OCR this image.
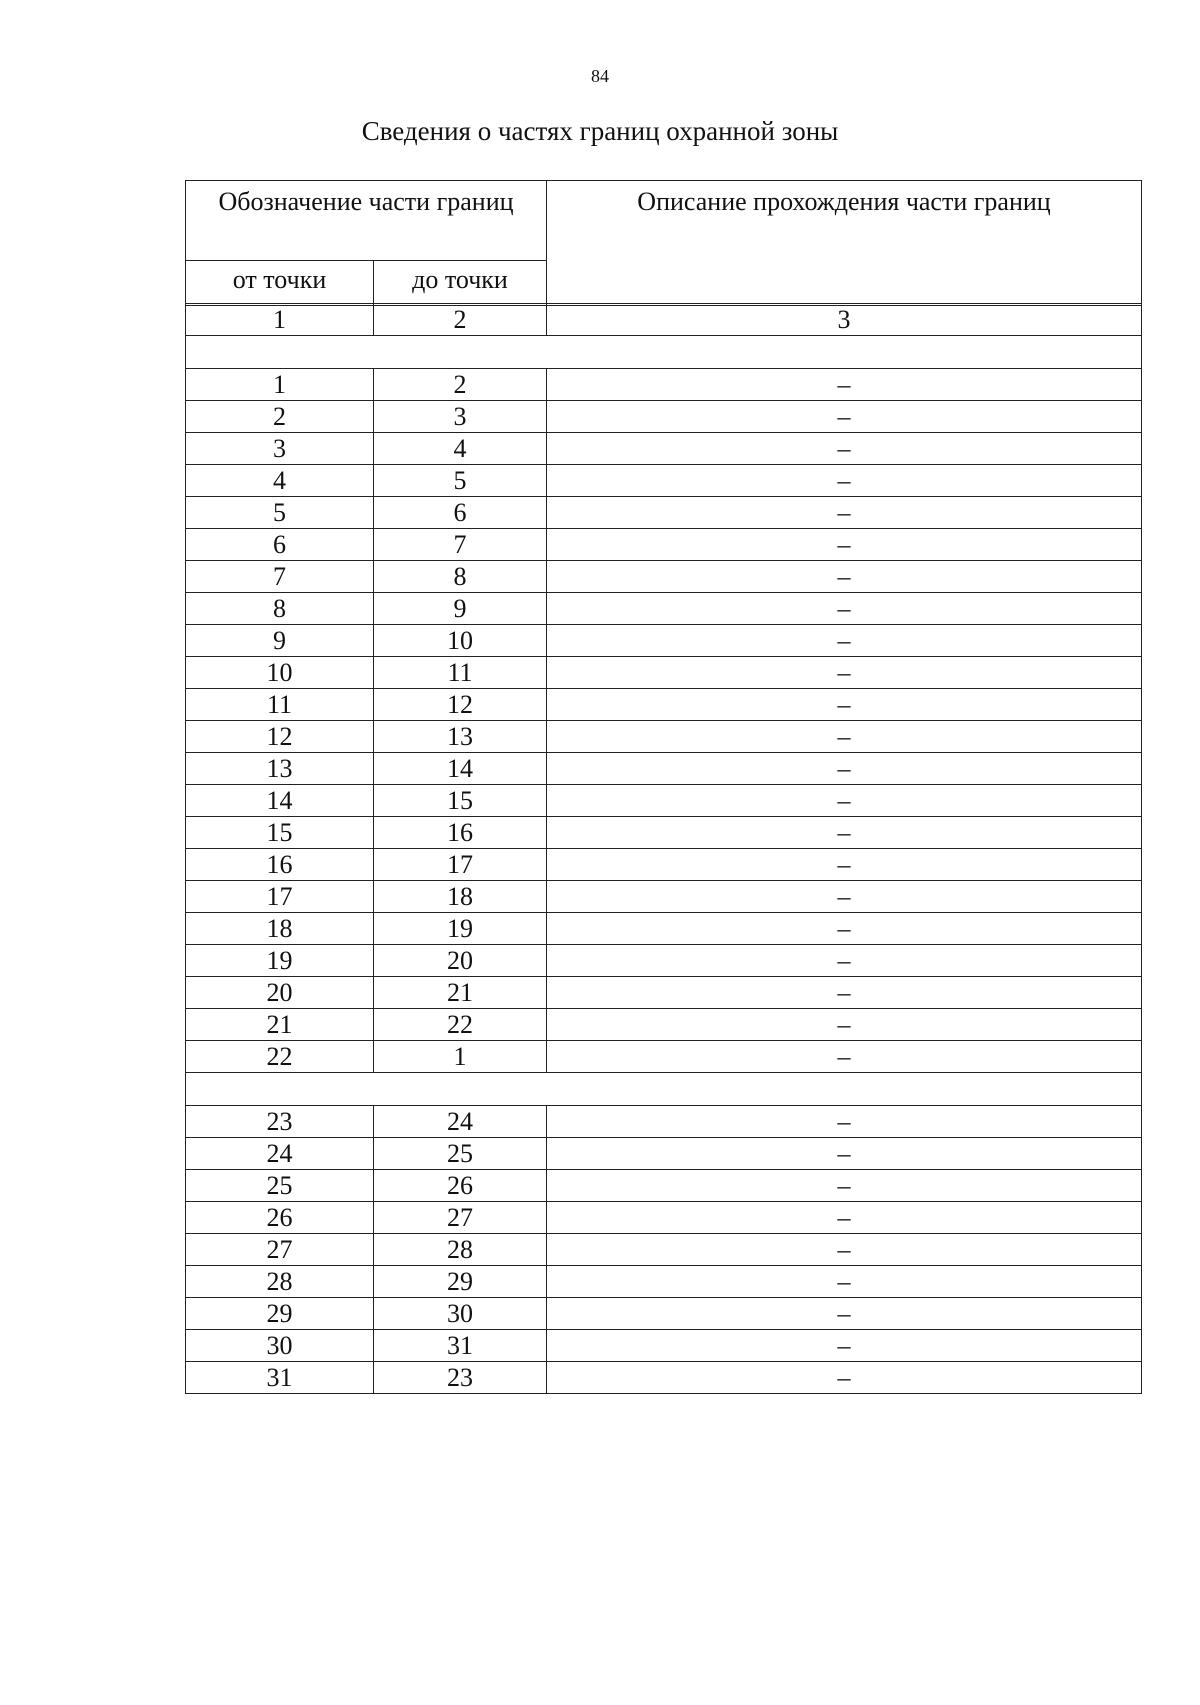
84
Сведения о частях границ охранной зоны
Обозначение части границ		Описание прохождения части границ
от точки	до точки	
1	2	3

1	2	–
2	3	–
3	4	–
4	5	–
5	6	–
6	7	–
7	8	–
8	9	–
9	10	–
10	11	–
11	12	–
12	13	–
13	14	–
14	15	–
15	16	–
16	17	–
17	18	–
18	19	–
19	20	–
20	21	–
21	22	–
22	1	–

23	24	–
24	25	–
25	26	–
26	27	–
27	28	–
28	29	–
29	30	–
30	31	–
31	23	–
